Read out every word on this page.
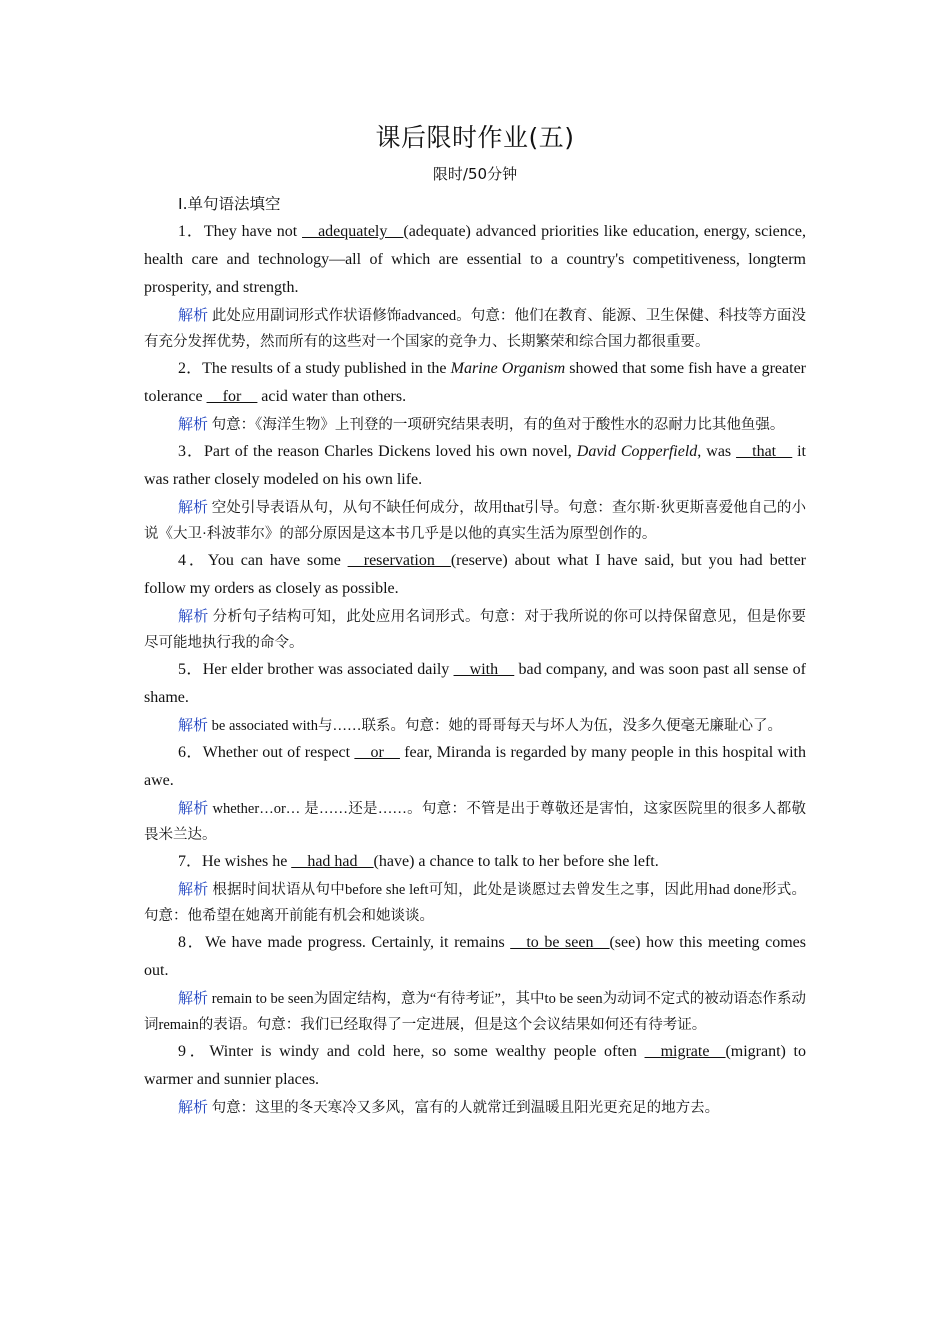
课后限时作业(五)
限时/50分钟
Ⅰ.单句语法填空

1．They have not __adequately__(adequate) advanced priorities like education, energy, science, health care and technology—all of which are essential to a country's competitiveness, longterm prosperity, and strength.

解析 此处应用副词形式作状语修饰advanced。句意：他们在教育、能源、卫生保健、科技等方面没有充分发挥优势，然而所有的这些对一个国家的竞争力、长期繁荣和综合国力都很重要。

2．The results of a study published in the Marine Organism showed that some fish have a greater tolerance __for__ acid water than others.

解析 句意：《海洋生物》上刊登的一项研究结果表明，有的鱼对于酸性水的忍耐力比其他鱼强。

3．Part of the reason Charles Dickens loved his own novel, David Copperfield, was __that__ it was rather closely modeled on his own life.

解析 空处引导表语从句，从句不缺任何成分，故用that引导。句意：查尔斯·狄更斯喜爱他自己的小说《大卫·科波菲尔》的部分原因是这本书几乎是以他的真实生活为原型创作的。

4．You can have some __reservation__(reserve) about what I have said, but you had better follow my orders as closely as possible.

解析 分析句子结构可知，此处应用名词形式。句意：对于我所说的你可以持保留意见，但是你要尽可能地执行我的命令。

5．Her elder brother was associated daily __with__ bad company, and was soon past all sense of shame.

解析 be associated with与……联系。句意：她的哥哥每天与坏人为伍，没多久便毫无廉耻心了。

6．Whether out of respect __or__ fear, Miranda is regarded by many people in this hospital with awe.

解析 whether…or… 是……还是……。句意：不管是出于尊敬还是害怕，这家医院里的很多人都敬畏米兰达。

7．He wishes he __had had__(have) a chance to talk to her before she left.

解析 根据时间状语从句中before she left可知，此处是谈愿过去曾发生之事，因此用had done形式。句意：他希望在她离开前能有机会和她谈谈。

8．We have made progress. Certainly, it remains __to be seen__(see) how this meeting comes out.

解析 remain to be seen为固定结构，意为“有待考证”，其中to be seen为动词不定式的被动语态作系动词remain的表语。句意：我们已经取得了一定进展，但是这个会议结果如何还有待考证。

9．Winter is windy and cold here, so some wealthy people often __migrate__(migrant) to warmer and sunnier places.

解析 句意：这里的冬天寒冷又多风，富有的人就常迁到温暖且阳光更充足的地方去。
